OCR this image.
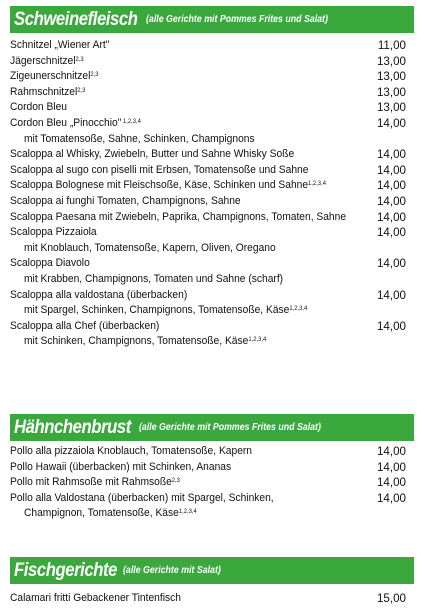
Schweinefleisch (alle Gerichte mit Pommes Frites und Salat)
Schnitzel „Wiener Art"	11,00
Jägerschnitzel$^{2,3}$	13,00
Zigeunerschnitzel$^{2,3}$	13,00
Rahmschnitzel$^{2,3}$	13,00
Cordon Bleu	13,00
Cordon Bleu „Pinocchio" $^{1,2,3,4}$	14,00
mit Tomatensoße, Sahne, Schinken, Champignons
Scaloppa al Whisky, Zwiebeln, Butter und Sahne Whisky Soße	14,00
Scaloppa al sugo con piselli mit Erbsen, Tomatensoße und Sahne	14,00
Scaloppa Bolognese mit Fleischsoße, Käse, Schinken und Sahne$^{1,2,3,4}$	14,00
Scaloppa ai funghi Tomaten, Champignons, Sahne	14,00
Scaloppa Paesana mit Zwiebeln, Paprika, Champignons, Tomaten, Sahne	14,00
Scaloppa Pizzaiola	14,00
mit Knoblauch, Tomatensoße, Kapern, Oliven, Oregano
Scaloppa Diavolo	14,00
mit Krabben, Champignons, Tomaten und Sahne (scharf)
Scaloppa alla valdostana (überbacken)	14,00
mit Spargel, Schinken, Champignons, Tomatensoße, Käse$^{1,2,3,4}$
Scaloppa alla Chef (überbacken)	14,00
mit Schinken, Champignons, Tomatensoße, Käse$^{1,2,3,4}$
Hähnchenbrust (alle Gerichte mit Pommes Frites und Salat)
Pollo alla pizzaiola Knoblauch, Tomatensoße, Kapern	14,00
Pollo Hawaii (überbacken) mit Schinken, Ananas	14,00
Pollo mit Rahmsoße mit Rahmsoße$^{2,3}$	14,00
Pollo alla Valdostana (überbacken) mit Spargel, Schinken,	14,00
Champignon, Tomatensoße, Käse$^{1,2,3,4}$
Fischgerichte (alle Gerichte mit Salat)
Calamari fritti Gebackener Tintenfisch	15,00
